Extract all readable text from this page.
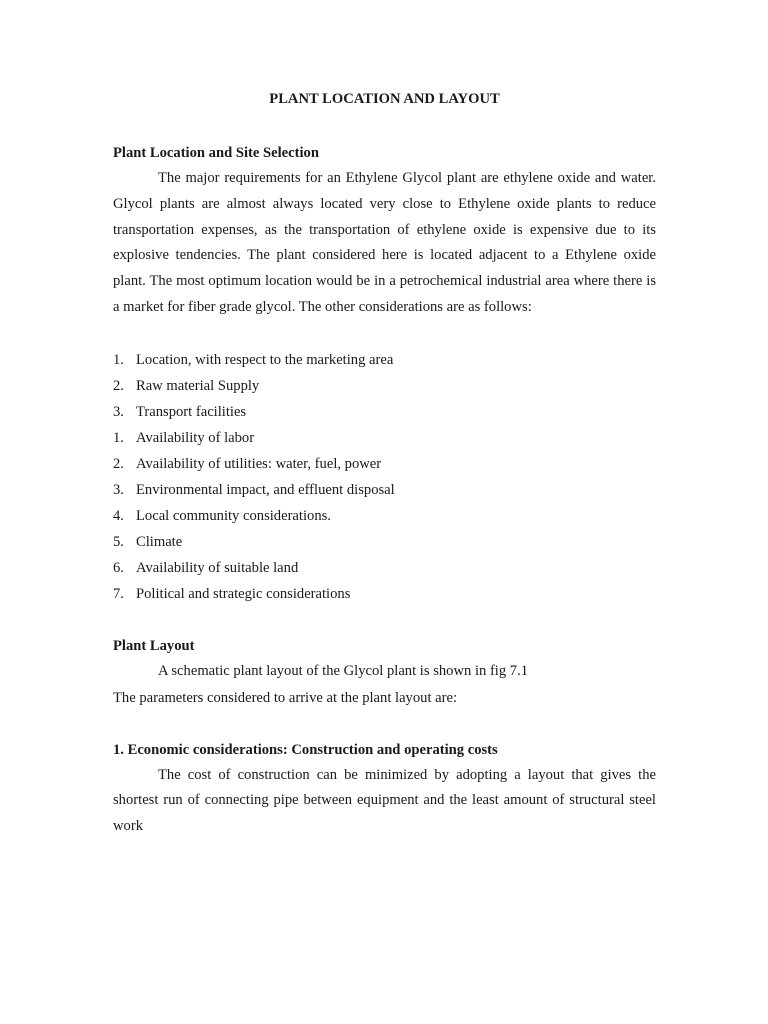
PLANT LOCATION AND LAYOUT
Plant Location and Site Selection

The major requirements for an Ethylene Glycol plant are ethylene oxide and water. Glycol plants are almost always located very close to Ethylene oxide plants to reduce transportation expenses, as the transportation of ethylene oxide is expensive due to its explosive tendencies. The plant considered here is located adjacent to a Ethylene oxide plant. The most optimum location would be in a petrochemical industrial area where there is a market for fiber grade glycol. The other considerations are as follows:

1. Location, with respect to the marketing area
2. Raw material Supply
3. Transport facilities
1. Availability of labor
2. Availability of utilities: water, fuel, power
3. Environmental impact, and effluent disposal
4. Local community considerations.
5. Climate
6. Availability of suitable land
7. Political and strategic considerations
Plant Layout

A schematic plant layout of the Glycol plant is shown in fig 7.1

The parameters considered to arrive at the plant layout are:

1. Economic considerations: Construction and operating costs

The cost of construction can be minimized by adopting a layout that gives the shortest run of connecting pipe between equipment and the least amount of structural steel work
